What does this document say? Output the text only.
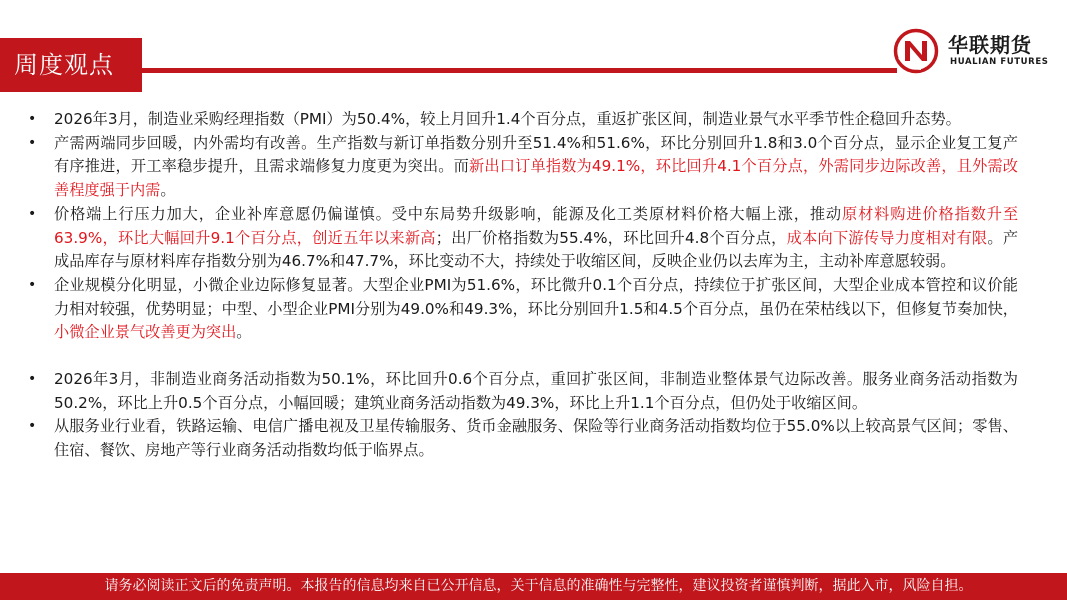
周度观点
华联期货
HUALIAN FUTURES
• 2026年3月，制造业采购经理指数（PMI）为50.4%，较上月回升1.4个百分点，重返扩张区间，制造业景气水平季节性企稳回升态势。
• 产需两端同步回暖，内外需均有改善。生产指数与新订单指数分别升至51.4%和51.6%，环比分别回升1.8和3.0个百分点，显示企业复工复产有序推进，开工率稳步提升，且需求端修复力度更为突出。而新出口订单指数为49.1%，环比回升4.1个百分点，外需同步边际改善，且外需改善程度强于内需。
• 价格端上行压力加大，企业补库意愿仍偏谨慎。受中东局势升级影响，能源及化工类原材料价格大幅上涨，推动原材料购进价格指数升至63.9%，环比大幅回升9.1个百分点，创近五年以来新高；出厂价格指数为55.4%，环比回升4.8个百分点，成本向下游传导力度相对有限。产成品库存与原材料库存指数分别为46.7%和47.7%，环比变动不大，持续处于收缩区间，反映企业仍以去库为主，主动补库意愿较弱。
• 企业规模分化明显，小微企业边际修复显著。大型企业PMI为51.6%，环比微升0.1个百分点，持续位于扩张区间，大型企业成本管控和议价能力相对较强，优势明显；中型、小型企业PMI分别为49.0%和49.3%，环比分别回升1.5和4.5个百分点，虽仍在荣枯线以下，但修复节奏加快，小微企业景气改善更为突出。
• 2026年3月，非制造业商务活动指数为50.1%，环比回升0.6个百分点，重回扩张区间，非制造业整体景气边际改善。服务业商务活动指数为50.2%，环比上升0.5个百分点，小幅回暖；建筑业商务活动指数为49.3%，环比上升1.1个百分点，但仍处于收缩区间。
• 从服务业行业看，铁路运输、电信广播电视及卫星传输服务、货币金融服务、保险等行业商务活动指数均位于55.0%以上较高景气区间；零售、住宿、餐饮、房地产等行业商务活动指数均低于临界点。
请务必阅读正文后的免责声明。本报告的信息均来自已公开信息，关于信息的准确性与完整性，建议投资者谨慎判断，据此入市，风险自担。
